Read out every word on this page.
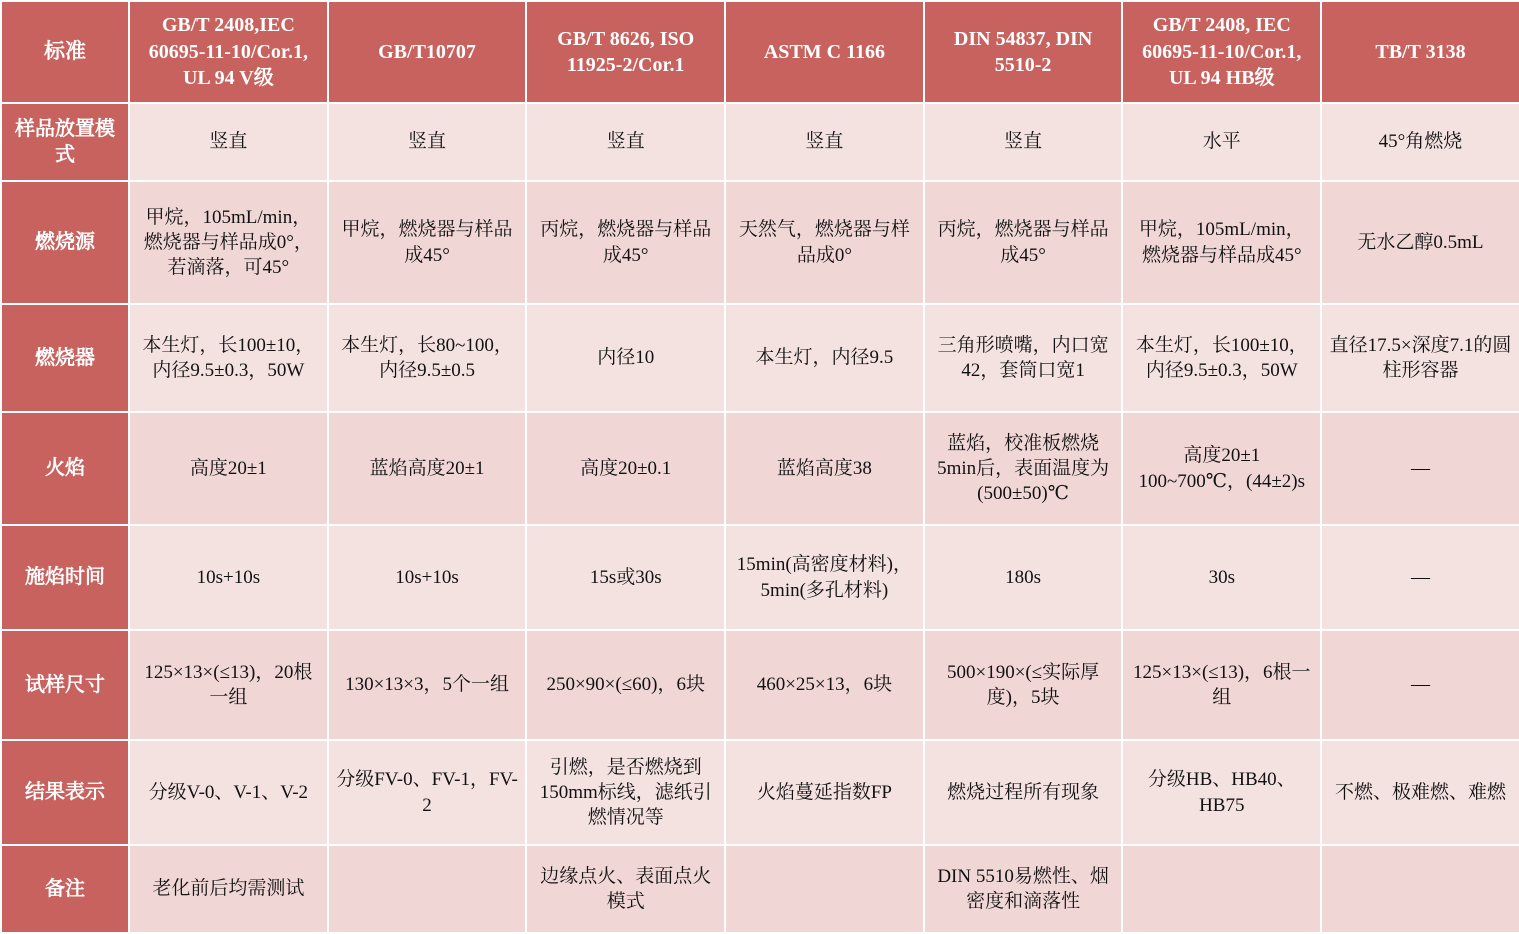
标准	GB/T 2408,IEC 60695-11-10/Cor.1, UL 94 V级	GB/T10707	GB/T 8626, ISO 11925-2/Cor.1	ASTM C 1166	DIN 54837, DIN 5510-2	GB/T 2408, IEC 60695-11-10/Cor.1, UL 94 HB级	TB/T 3138
样品放置模式	竖直	竖直	竖直	竖直	竖直	水平	45°角燃烧
燃烧源	甲烷，105mL/min，燃烧器与样品成0°，若滴落，可45°	甲烷，燃烧器与样品成45°	丙烷，燃烧器与样品成45°	天然气，燃烧器与样品成0°	丙烷，燃烧器与样品成45°	甲烷，105mL/min，燃烧器与样品成45°	无水乙醇0.5mL
燃烧器	本生灯，长100±10，内径9.5±0.3，50W	本生灯，长80~100，内径9.5±0.5	内径10	本生灯，内径9.5	三角形喷嘴，内口宽42，套筒口宽1	本生灯，长100±10，内径9.5±0.3，50W	直径17.5×深度7.1的圆柱形容器
火焰	高度20±1	蓝焰高度20±1	高度20±0.1	蓝焰高度38	蓝焰，校准板燃烧5min后，表面温度为(500±50)℃	高度20±1 100~700℃，(44±2)s	—
施焰时间	10s+10s	10s+10s	15s或30s	15min(高密度材料)，5min(多孔材料)	180s	30s	—
试样尺寸	125×13×(≤13)，20根一组	130×13×3，5个一组	250×90×(≤60)，6块	460×25×13，6块	500×190×(≤实际厚度)，5块	125×13×(≤13)，6根一组	—
结果表示	分级V-0、V-1、V-2	分级FV-0、FV-1，FV-2	引燃，是否燃烧到150mm标线，滤纸引燃情况等	火焰蔓延指数FP	燃烧过程所有现象	分级HB、HB40、HB75	不燃、极难燃、难燃
备注	老化前后均需测试		边缘点火、表面点火模式		DIN 5510易燃性、烟密度和滴落性		
